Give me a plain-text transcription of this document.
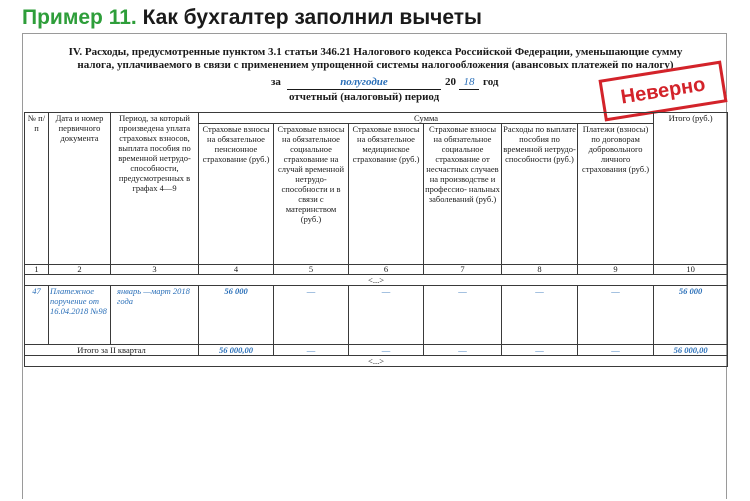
Пример 11. Как бухгалтер заполнил вычеты
IV. Расходы, предусмотренные пунктом 3.1 статьи 346.21 Налогового кодекса Российской Федерации, уменьшающие сумму
налога, уплачиваемого в связи с применением упрощенной системы налогообложения (авансовых платежей по налогу)
за	полугодие	20 18 год
отчетный (налоговый) период	Неверно
№ п/п	Дата и номер первичного документа	Период, за который произведена уплата страховых взносов, выплата пособия по временной нетрудо- способности, предусмотренных в графах 4—9	Сумма						Итого (руб.)
			Страховые взносы на обязательное пенсионное страхование (руб.)	Страховые взносы на обязательное социальное страхование на случай временной нетрудо- способности и в связи с материнством (руб.)	Страховые взносы на обязательное медицинское страхование (руб.)	Страховые взносы на обязательное социальное страхование от несчастных случаев на производстве и профессио- нальных заболеваний (руб.)	Расходы по выплате пособия по временной нетрудо- способности (руб.)	Платежи (взносы) по договорам добровольного личного страхования (руб.)	
1	2	3	4	5	6	7	8	9	10
<...>									
47	Платежное поручение от 16.04.2018 №98	январь —март 2018 года	56 000	—	—	—	—	—	56 000
Итого за II квартал			56 000,00	—	—	—	—	—	56 000,00
<...>									
